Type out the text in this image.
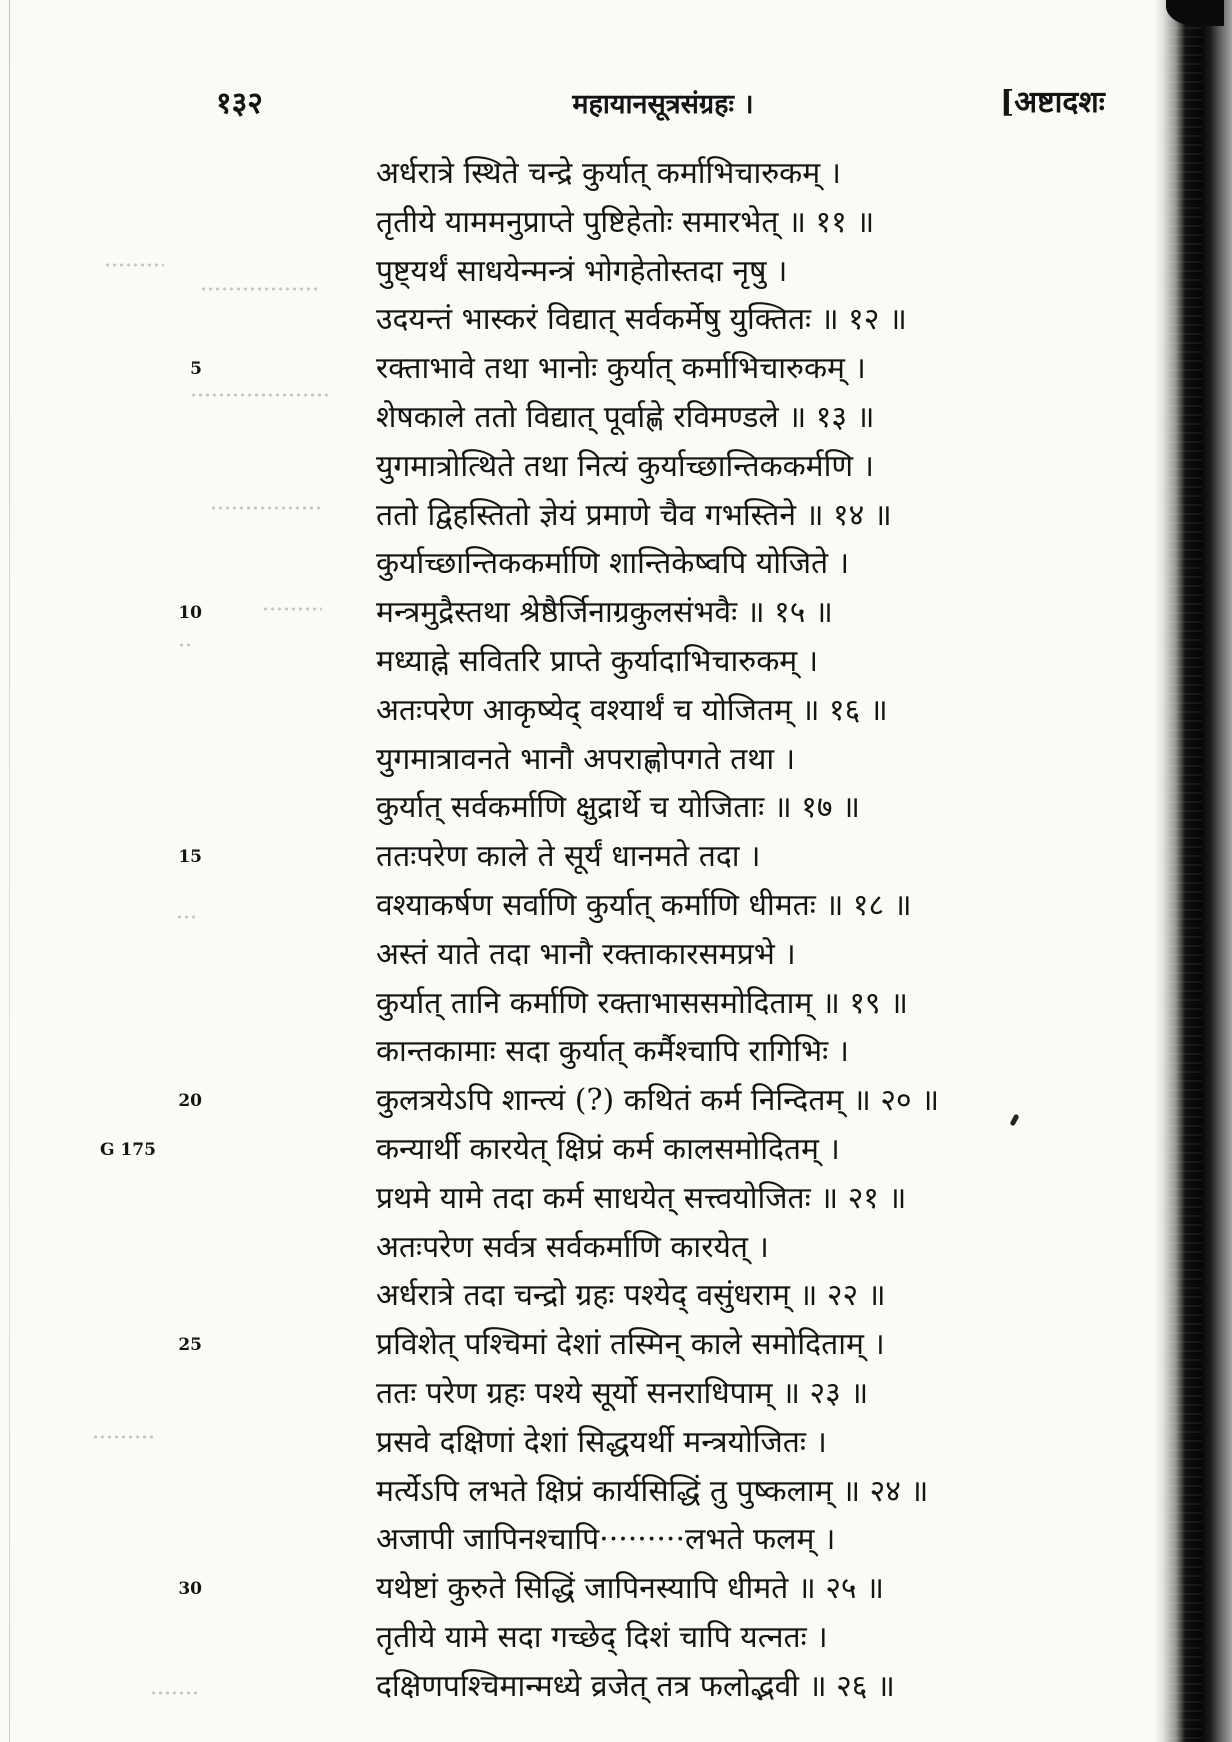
१३२	महायानसूत्रसंग्रहः ।	[अष्टादशः
अर्धरात्रे स्थिते चन्द्रे कुर्यात् कर्माभिचारुकम् ।
तृतीये याममनुप्राप्ते पुष्टिहेतोः समारभेत् ॥ ११ ॥
पुष्ट्यर्थं साधयेन्मन्त्रं भोगहेतोस्तदा नृषु ।
उदयन्तं भास्करं विद्यात् सर्वकर्मेषु युक्तितः ॥ १२ ॥
5	रक्ताभावे तथा भानोः कुर्यात् कर्माभिचारुकम् ।
शेषकाले ततो विद्यात् पूर्वाह्णे रविमण्डले ॥ १३ ॥
युगमात्रोत्थिते तथा नित्यं कुर्याच्छान्तिककर्मणि ।
ततो द्विहस्तितो ज्ञेयं प्रमाणे चैव गभस्तिने ॥ १४ ॥
कुर्याच्छान्तिककर्माणि शान्तिकेष्वपि योजिते ।
10	मन्त्रमुद्रैस्तथा श्रेष्ठैर्जिनाग्रकुलसंभवैः ॥ १५ ॥
मध्याह्ने सवितरि प्राप्ते कुर्यादाभिचारुकम् ।
अतःपरेण आकृष्येद् वश्यार्थं च योजितम् ॥ १६ ॥
युगमात्रावनते भानौ अपराह्णोपगते तथा ।
कुर्यात् सर्वकर्माणि क्षुद्रार्थे च योजिताः ॥ १७ ॥
15	ततःपरेण काले ते सूर्यं धानमते तदा ।
वश्याकर्षण सर्वाणि कुर्यात् कर्माणि धीमतः ॥ १८ ॥
अस्तं याते तदा भानौ रक्ताकारसमप्रभे ।
कुर्यात् तानि कर्माणि रक्ताभाससमोदिताम् ॥ १९ ॥
कान्तकामाः सदा कुर्यात् कर्मैश्चापि रागिभिः ।
20	कुलत्रयेऽपि शान्त्यं (?) कथितं कर्म निन्दितम् ॥ २० ॥
G 175	कन्यार्थी कारयेत् क्षिप्रं कर्म कालसमोदितम् ।
प्रथमे यामे तदा कर्म साधयेत् सत्त्वयोजितः ॥ २१ ॥
अतःपरेण सर्वत्र सर्वकर्माणि कारयेत् ।
अर्धरात्रे तदा चन्द्रो ग्रहः पश्येद् वसुंधराम् ॥ २२ ॥
25	प्रविशेत् पश्चिमां देशां तस्मिन् काले समोदिताम् ।
ततः परेण ग्रहः पश्ये सूर्यो सनराधिपाम् ॥ २३ ॥
प्रसवे दक्षिणां देशां सिद्धयर्थी मन्त्रयोजितः ।
मर्त्येऽपि लभते क्षिप्रं कार्यसिद्धिं तु पुष्कलाम् ॥ २४ ॥
अजापी जापिनश्चापि·········लभते फलम् ।
30	यथेष्टां कुरुते सिद्धिं जापिनस्यापि धीमते ॥ २५ ॥
तृतीये यामे सदा गच्छेद् दिशं चापि यत्नतः ।
दक्षिणपश्चिमान्मध्ये व्रजेत् तत्र फलोद्भवी ॥ २६ ॥
